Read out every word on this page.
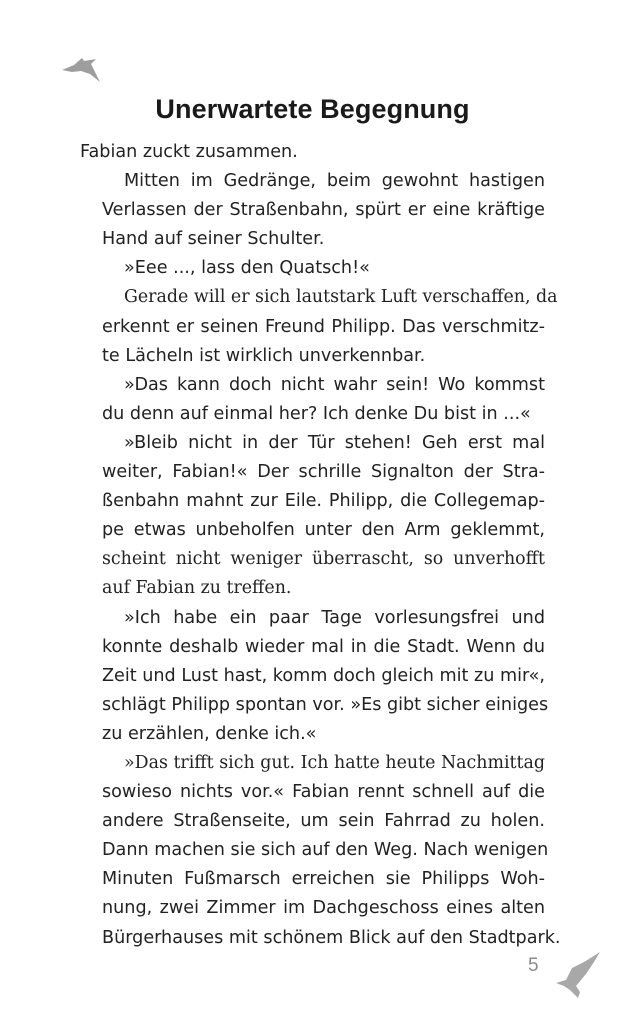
Unerwartete Begegnung

Fabian zuckt zusammen.

Mitten im Gedränge, beim gewohnt hastigen
Verlassen der Straßenbahn, spürt er eine kräftige
Hand auf seiner Schulter.

»Eee ..., lass den Quatsch!«

Gerade will er sich lautstark Luft verschaffen, da
erkennt er seinen Freund Philipp. Das verschmitz-
te Lächeln ist wirklich unverkennbar.

»Das kann doch nicht wahr sein! Wo kommst
du denn auf einmal her? Ich denke Du bist in ...«

»Bleib nicht in der Tür stehen! Geh erst mal
weiter, Fabian!« Der schrille Signalton der Stra-
ßenbahn mahnt zur Eile. Philipp, die Collegemap-
pe etwas unbeholfen unter den Arm geklemmt,
scheint nicht weniger überrascht, so unverhofft
auf Fabian zu treffen.

»Ich habe ein paar Tage vorlesungsfrei und
konnte deshalb wieder mal in die Stadt. Wenn du
Zeit und Lust hast, komm doch gleich mit zu mir«,
schlägt Philipp spontan vor. »Es gibt sicher einiges
zu erzählen, denke ich.«

»Das trifft sich gut. Ich hatte heute Nachmittag
sowieso nichts vor.« Fabian rennt schnell auf die
andere Straßenseite, um sein Fahrrad zu holen.
Dann machen sie sich auf den Weg. Nach wenigen
Minuten Fußmarsch erreichen sie Philipps Woh-
nung, zwei Zimmer im Dachgeschoss eines alten
Bürgerhauses mit schönem Blick auf den Stadtpark.

5
